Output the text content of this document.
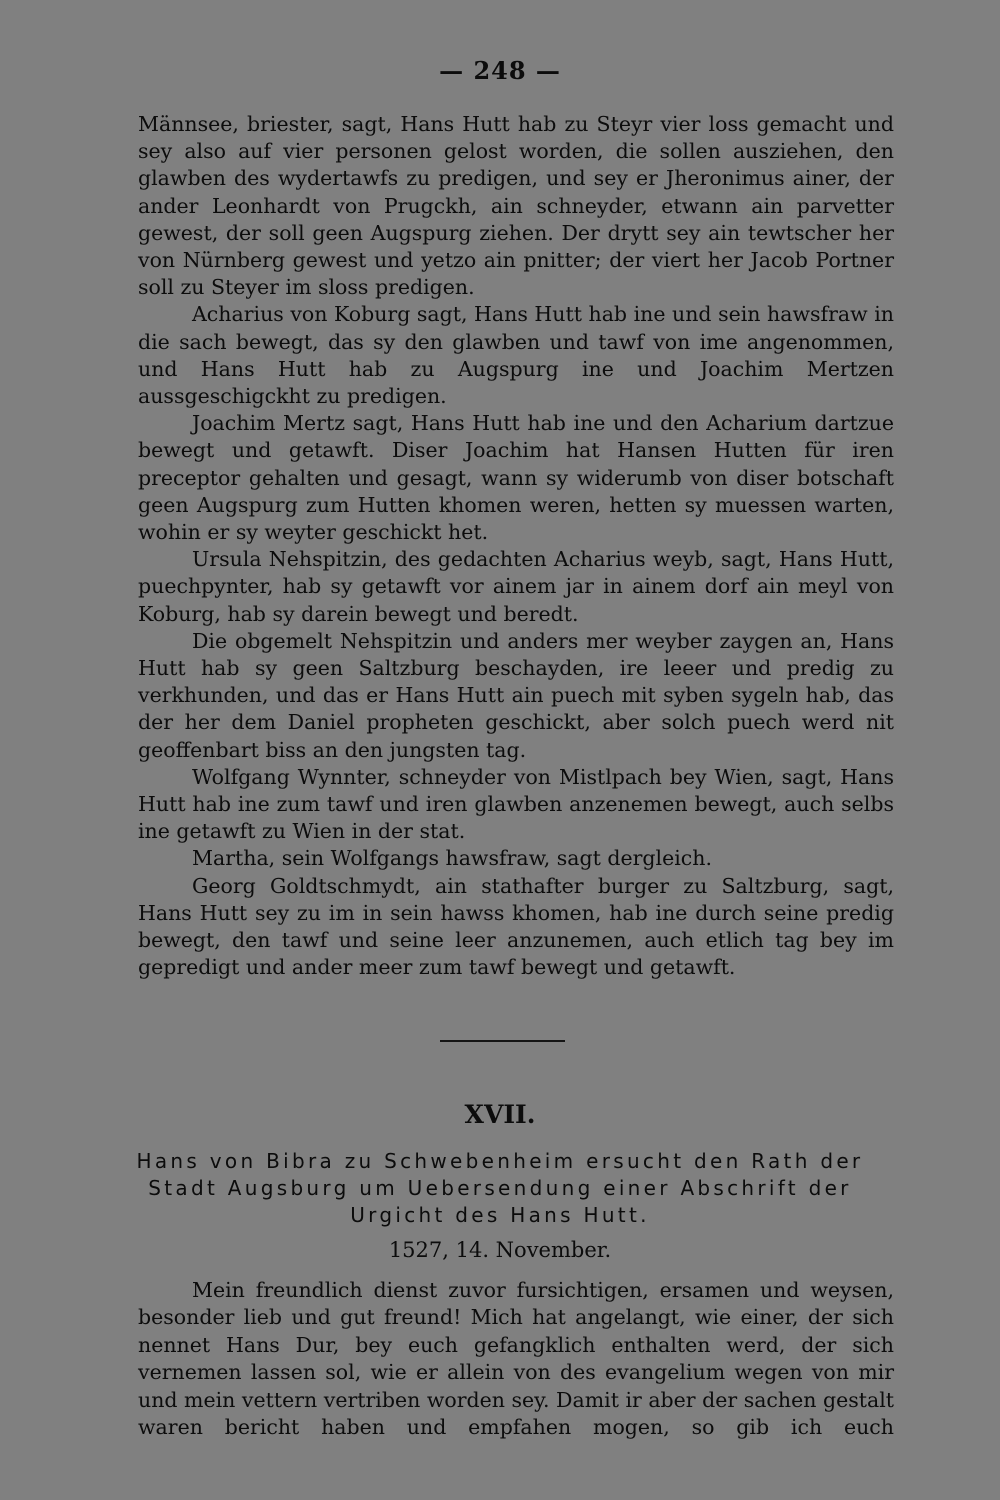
— 248 —

Männsee, briester, sagt, Hans Hutt hab zu Steyr vier loss gemacht und sey also auf vier personen gelost worden, die sollen ausziehen, den glawben des wydertawfs zu predigen, und sey er Jheronimus ainer, der ander Leonhardt von Prugckh, ain schneyder, etwann ain parvetter gewest, der soll geen Augspurg ziehen. Der drytt sey ain tewtscher her von Nürnberg gewest und yetzo ain pnitter; der viert her Jacob Portner soll zu Steyer im sloss predigen.

Acharius von Koburg sagt, Hans Hutt hab ine und sein hawsfraw in die sach bewegt, das sy den glawben und tawf von ime angenommen, und Hans Hutt hab zu Augspurg ine und Joachim Mertzen aussgeschigckht zu predigen.

Joachim Mertz sagt, Hans Hutt hab ine und den Acharium dartzue bewegt und getawft. Diser Joachim hat Hansen Hutten für iren preceptor gehalten und gesagt, wann sy widerumb von diser botschaft geen Augspurg zum Hutten khomen weren, hetten sy muessen warten, wohin er sy weyter geschickt het.

Ursula Nehspitzin, des gedachten Acharius weyb, sagt, Hans Hutt, puechpynter, hab sy getawft vor ainem jar in ainem dorf ain meyl von Koburg, hab sy darein bewegt und beredt.

Die obgemelt Nehspitzin und anders mer weyber zaygen an, Hans Hutt hab sy geen Saltzburg beschayden, ire leeer und predig zu verkhunden, und das er Hans Hutt ain puech mit syben sygeln hab, das der her dem Daniel propheten geschickt, aber solch puech werd nit geoffenbart biss an den jungsten tag.

Wolfgang Wynnter, schneyder von Mistlpach bey Wien, sagt, Hans Hutt hab ine zum tawf und iren glawben anzenemen bewegt, auch selbs ine getawft zu Wien in der stat.

Martha, sein Wolfgangs hawsfraw, sagt dergleich.

Georg Goldtschmydt, ain stathafter burger zu Saltzburg, sagt, Hans Hutt sey zu im in sein hawss khomen, hab ine durch seine predig bewegt, den tawf und seine leer anzunemen, auch etlich tag bey im gepredigt und ander meer zum tawf bewegt und getawft.

XVII.
Hans von Bibra zu Schwebenheim ersucht den Rath der
Stadt Augsburg um Uebersendung einer Abschrift der
Urgicht des Hans Hutt.
1527, 14. November.

Mein freundlich dienst zuvor fursichtigen, ersamen und weysen, besonder lieb und gut freund! Mich hat angelangt, wie einer, der sich nennet Hans Dur, bey euch gefangklich enthalten werd, der sich vernemen lassen sol, wie er allein von des evangelium wegen von mir und mein vettern vertriben worden sey. Damit ir aber der sachen gestalt waren bericht haben und empfahen mogen, so gib ich euch
